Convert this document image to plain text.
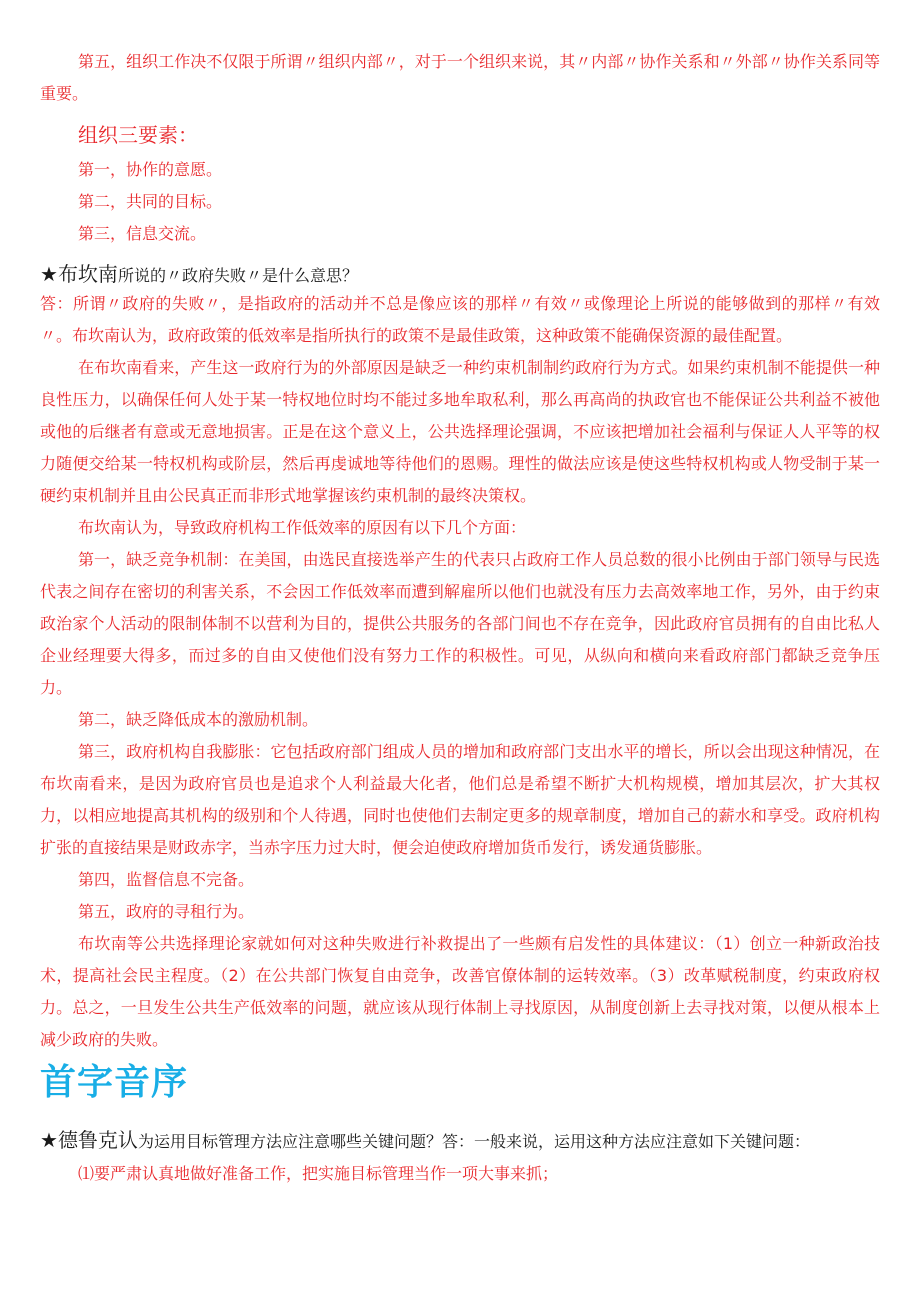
第五，组织工作决不仅限于所谓〃组织内部〃，对于一个组织来说，其〃内部〃协作关系和〃外部〃协作关系同等重要。

组织三要素：

第一，协作的意愿。

第二，共同的目标。

第三，信息交流。

★布坎南所说的〃政府失败〃是什么意思？

答：所谓〃政府的失败〃，是指政府的活动并不总是像应该的那样〃有效〃或像理论上所说的能够做到的那样〃有效〃。布坎南认为，政府政策的低效率是指所执行的政策不是最佳政策，这种政策不能确保资源的最佳配置。

在布坎南看来，产生这一政府行为的外部原因是缺乏一种约束机制制约政府行为方式。如果约束机制不能提供一种良性压力，以确保任何人处于某一特权地位时均不能过多地牟取私利，那么再高尚的执政官也不能保证公共利益不被他或他的后继者有意或无意地损害。正是在这个意义上，公共选择理论强调，不应该把增加社会福利与保证人人平等的权力随便交给某一特权机构或阶层，然后再虔诚地等待他们的恩赐。理性的做法应该是使这些特权机构或人物受制于某一硬约束机制并且由公民真正而非形式地掌握该约束机制的最终决策权。

布坎南认为，导致政府机构工作低效率的原因有以下几个方面：

第一，缺乏竞争机制：在美国，由选民直接选举产生的代表只占政府工作人员总数的很小比例由于部门领导与民选代表之间存在密切的利害关系，不会因工作低效率而遭到解雇所以他们也就没有压力去高效率地工作，另外，由于约束政治家个人活动的限制体制不以营利为目的，提供公共服务的各部门间也不存在竞争，因此政府官员拥有的自由比私人企业经理要大得多，而过多的自由又使他们没有努力工作的积极性。可见，从纵向和横向来看政府部门都缺乏竞争压力。

第二，缺乏降低成本的激励机制。

第三，政府机构自我膨胀：它包括政府部门组成人员的增加和政府部门支出水平的增长，所以会出现这种情况，在布坎南看来，是因为政府官员也是追求个人利益最大化者，他们总是希望不断扩大机构规模，增加其层次，扩大其权力，以相应地提高其机构的级别和个人待遇，同时也使他们去制定更多的规章制度，增加自己的薪水和享受。政府机构扩张的直接结果是财政赤字，当赤字压力过大时，便会迫使政府增加货币发行，诱发通货膨胀。

第四，监督信息不完备。

第五，政府的寻租行为。

布坎南等公共选择理论家就如何对这种失败进行补救提出了一些颇有启发性的具体建议：（1）创立一种新政治技术，提高社会民主程度。（2）在公共部门恢复自由竞争，改善官僚体制的运转效率。（3）改革赋税制度，约束政府权力。总之，一旦发生公共生产低效率的问题，就应该从现行体制上寻找原因，从制度创新上去寻找对策，以便从根本上减少政府的失败。

首字音序
★德鲁克认为运用目标管理方法应注意哪些关键问题？答：一般来说，运用这种方法应注意如下关键问题：

⑴要严肃认真地做好准备工作，把实施目标管理当作一项大事来抓；
